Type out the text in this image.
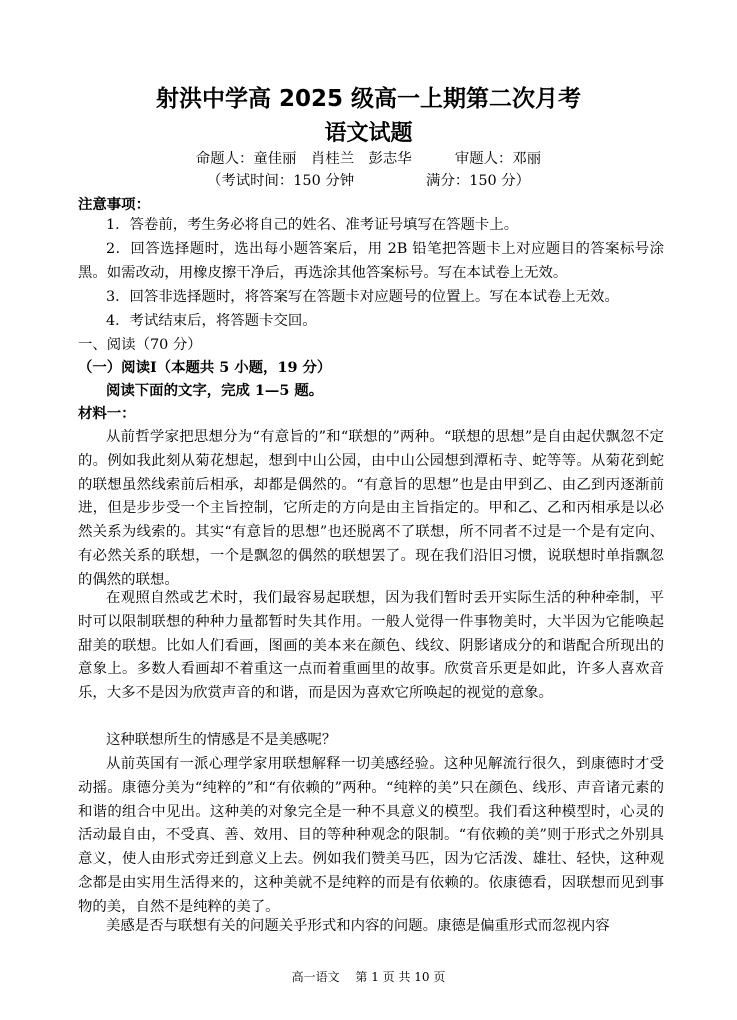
射洪中学高 2025 级高一上期第二次月考
语文试题
命题人：童佳丽　肖桂兰　彭志华　　　审题人：邓丽
（考试时间：150 分钟　　　　　满分：150 分）
注意事项：
1．答卷前，考生务必将自己的姓名、准考证号填写在答题卡上。
2．回答选择题时，选出每小题答案后，用 2B 铅笔把答题卡上对应题目的答案标号涂黑。如需改动，用橡皮擦干净后，再选涂其他答案标号。写在本试卷上无效。
3．回答非选择题时，将答案写在答题卡对应题号的位置上。写在本试卷上无效。
4．考试结束后，将答题卡交回。
一、阅读（70 分）
（一）阅读Ⅰ（本题共 5 小题，19 分）
阅读下面的文字，完成 1—5 题。
材料一：
从前哲学家把思想分为“有意旨的”和“联想的”两种。“联想的思想”是自由起伏飘忽不定的。例如我此刻从菊花想起，想到中山公园，由中山公园想到潭柘寺、蛇等等。从菊花到蛇的联想虽然线索前后相承，却都是偶然的。“有意旨的思想”也是由甲到乙、由乙到丙逐渐前进，但是步步受一个主旨控制，它所走的方向是由主旨指定的。甲和乙、乙和丙相承是以必然关系为线索的。其实“有意旨的思想”也还脱离不了联想，所不同者不过是一个是有定向、有必然关系的联想，一个是飘忽的偶然的联想罢了。现在我们沿旧习惯，说联想时单指飘忽的偶然的联想。
在观照自然或艺术时，我们最容易起联想，因为我们暂时丢开实际生活的种种牵制，平时可以限制联想的种种力量都暂时失其作用。一般人觉得一件事物美时，大半因为它能唤起甜美的联想。比如人们看画，图画的美本来在颜色、线纹、阴影诸成分的和谐配合所现出的意象上。多数人看画却不着重这一点而着重画里的故事。欣赏音乐更是如此，许多人喜欢音乐，大多不是因为欣赏声音的和谐，而是因为喜欢它所唤起的视觉的意象。
这种联想所生的情感是不是美感呢？
从前英国有一派心理学家用联想解释一切美感经验。这种见解流行很久，到康德时才受动摇。康德分美为“纯粹的”和“有依赖的”两种。“纯粹的美”只在颜色、线形、声音诸元素的和谐的组合中见出。这种美的对象完全是一种不具意义的模型。我们看这种模型时，心灵的活动最自由，不受真、善、效用、目的等种种观念的限制。“有依赖的美”则于形式之外别具意义，使人由形式旁迁到意义上去。例如我们赞美马匹，因为它活泼、雄壮、轻快，这种观念都是由实用生活得来的，这种美就不是纯粹的而是有依赖的。依康德看，因联想而见到事物的美，自然不是纯粹的美了。
美感是否与联想有关的问题关乎形式和内容的问题。康德是偏重形式而忽视内容
高一语文　 第 1 页 共 10 页
